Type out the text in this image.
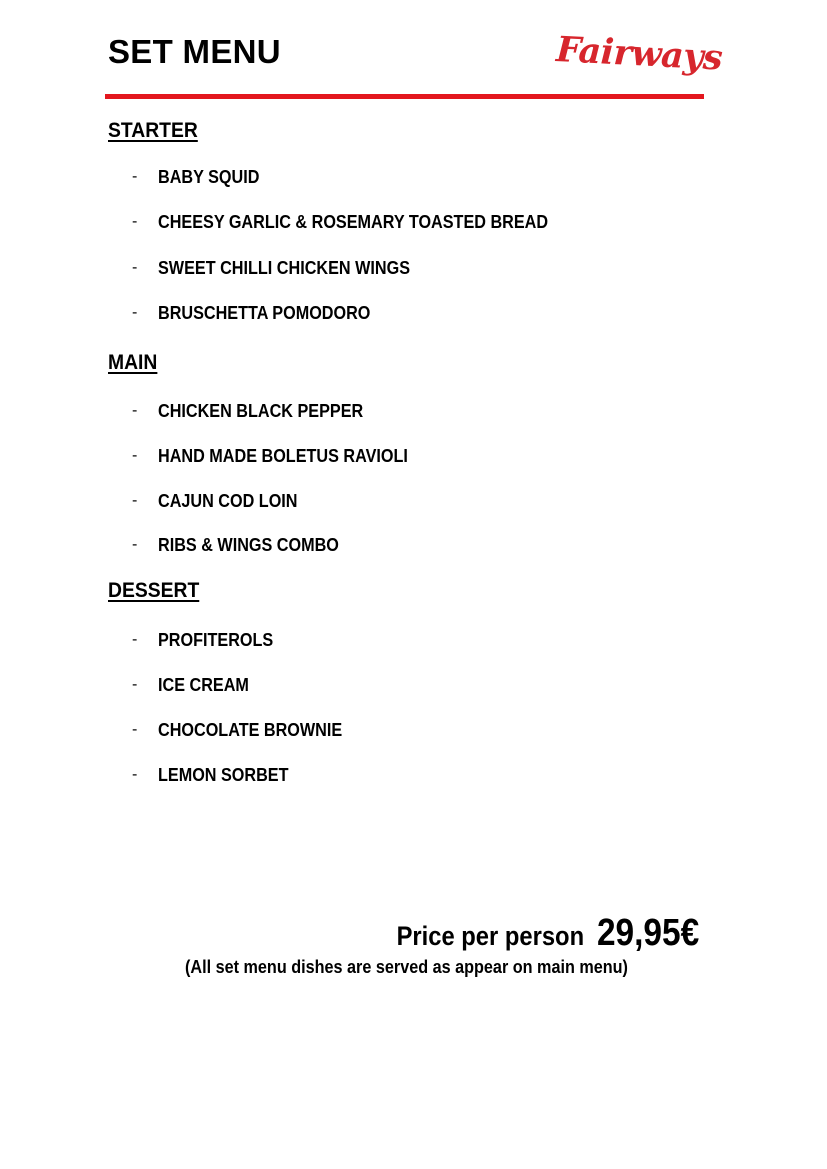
SET MENU	Fairways
STARTER
- BABY SQUID
- CHEESY GARLIC & ROSEMARY TOASTED BREAD
- SWEET CHILLI CHICKEN WINGS
- BRUSCHETTA POMODORO
MAIN
- CHICKEN BLACK PEPPER
- HAND MADE BOLETUS RAVIOLI
- CAJUN COD LOIN
- RIBS & WINGS COMBO
DESSERT
- PROFITEROLS
- ICE CREAM
- CHOCOLATE BROWNIE
- LEMON SORBET
Price per person 29,95€
(All set menu dishes are served as appear on main menu)
